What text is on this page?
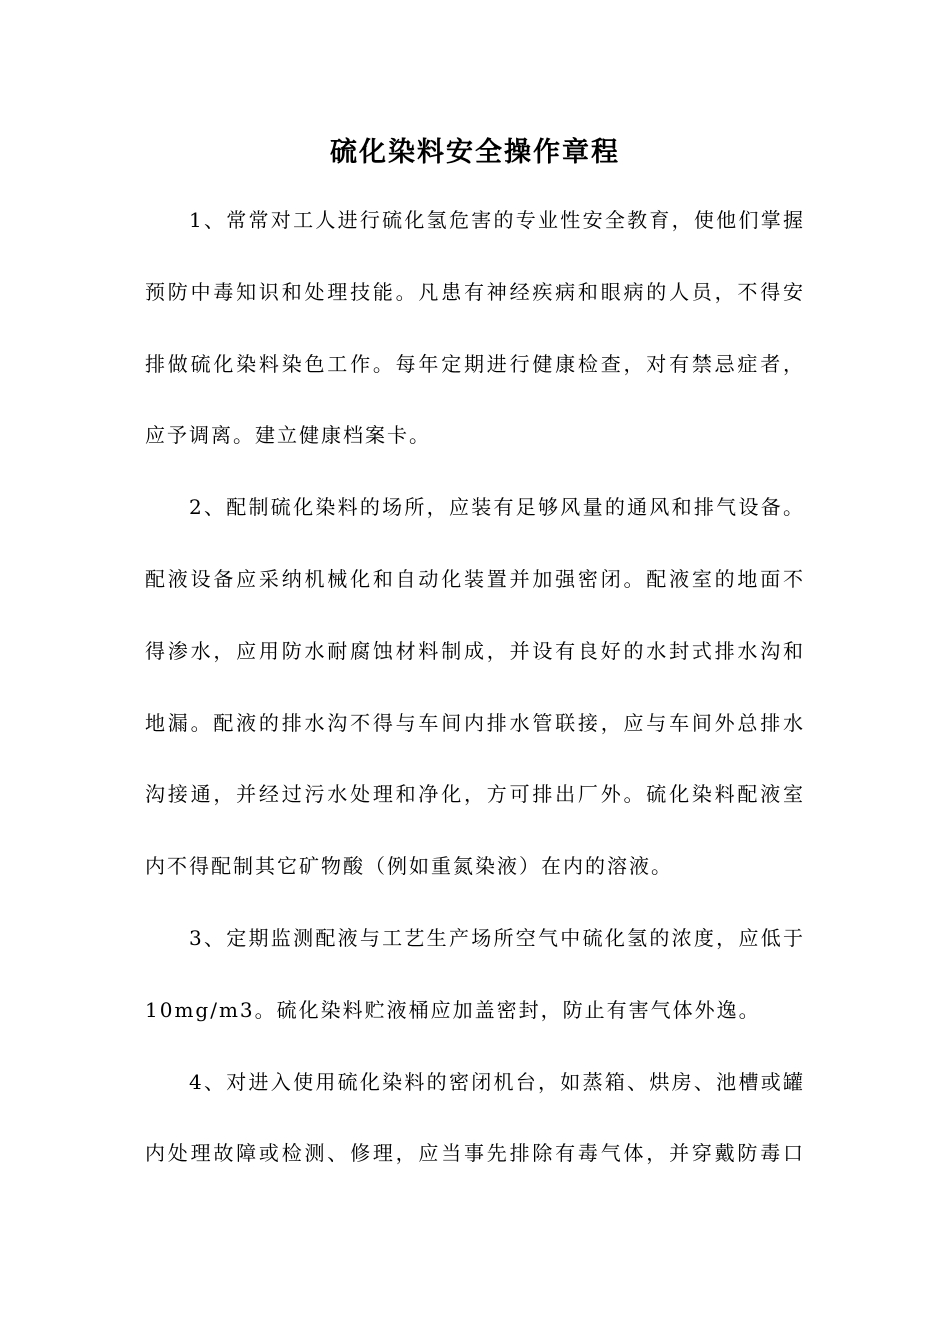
硫化染料安全操作章程
1、常常对工人进行硫化氢危害的专业性安全教育，使他们掌握
预防中毒知识和处理技能。凡患有神经疾病和眼病的人员，不得安
排做硫化染料染色工作。每年定期进行健康检查，对有禁忌症者，
应予调离。建立健康档案卡。
2、配制硫化染料的场所，应装有足够风量的通风和排气设备。
配液设备应采纳机械化和自动化装置并加强密闭。配液室的地面不
得渗水，应用防水耐腐蚀材料制成，并设有良好的水封式排水沟和
地漏。配液的排水沟不得与车间内排水管联接，应与车间外总排水
沟接通，并经过污水处理和净化，方可排出厂外。硫化染料配液室
内不得配制其它矿物酸（例如重氮染液）在内的溶液。
3、定期监测配液与工艺生产场所空气中硫化氢的浓度，应低于
10mg/m3。硫化染料贮液桶应加盖密封，防止有害气体外逸。
4、对进入使用硫化染料的密闭机台，如蒸箱、烘房、池槽或罐
内处理故障或检测、修理，应当事先排除有毒气体，并穿戴防毒口
